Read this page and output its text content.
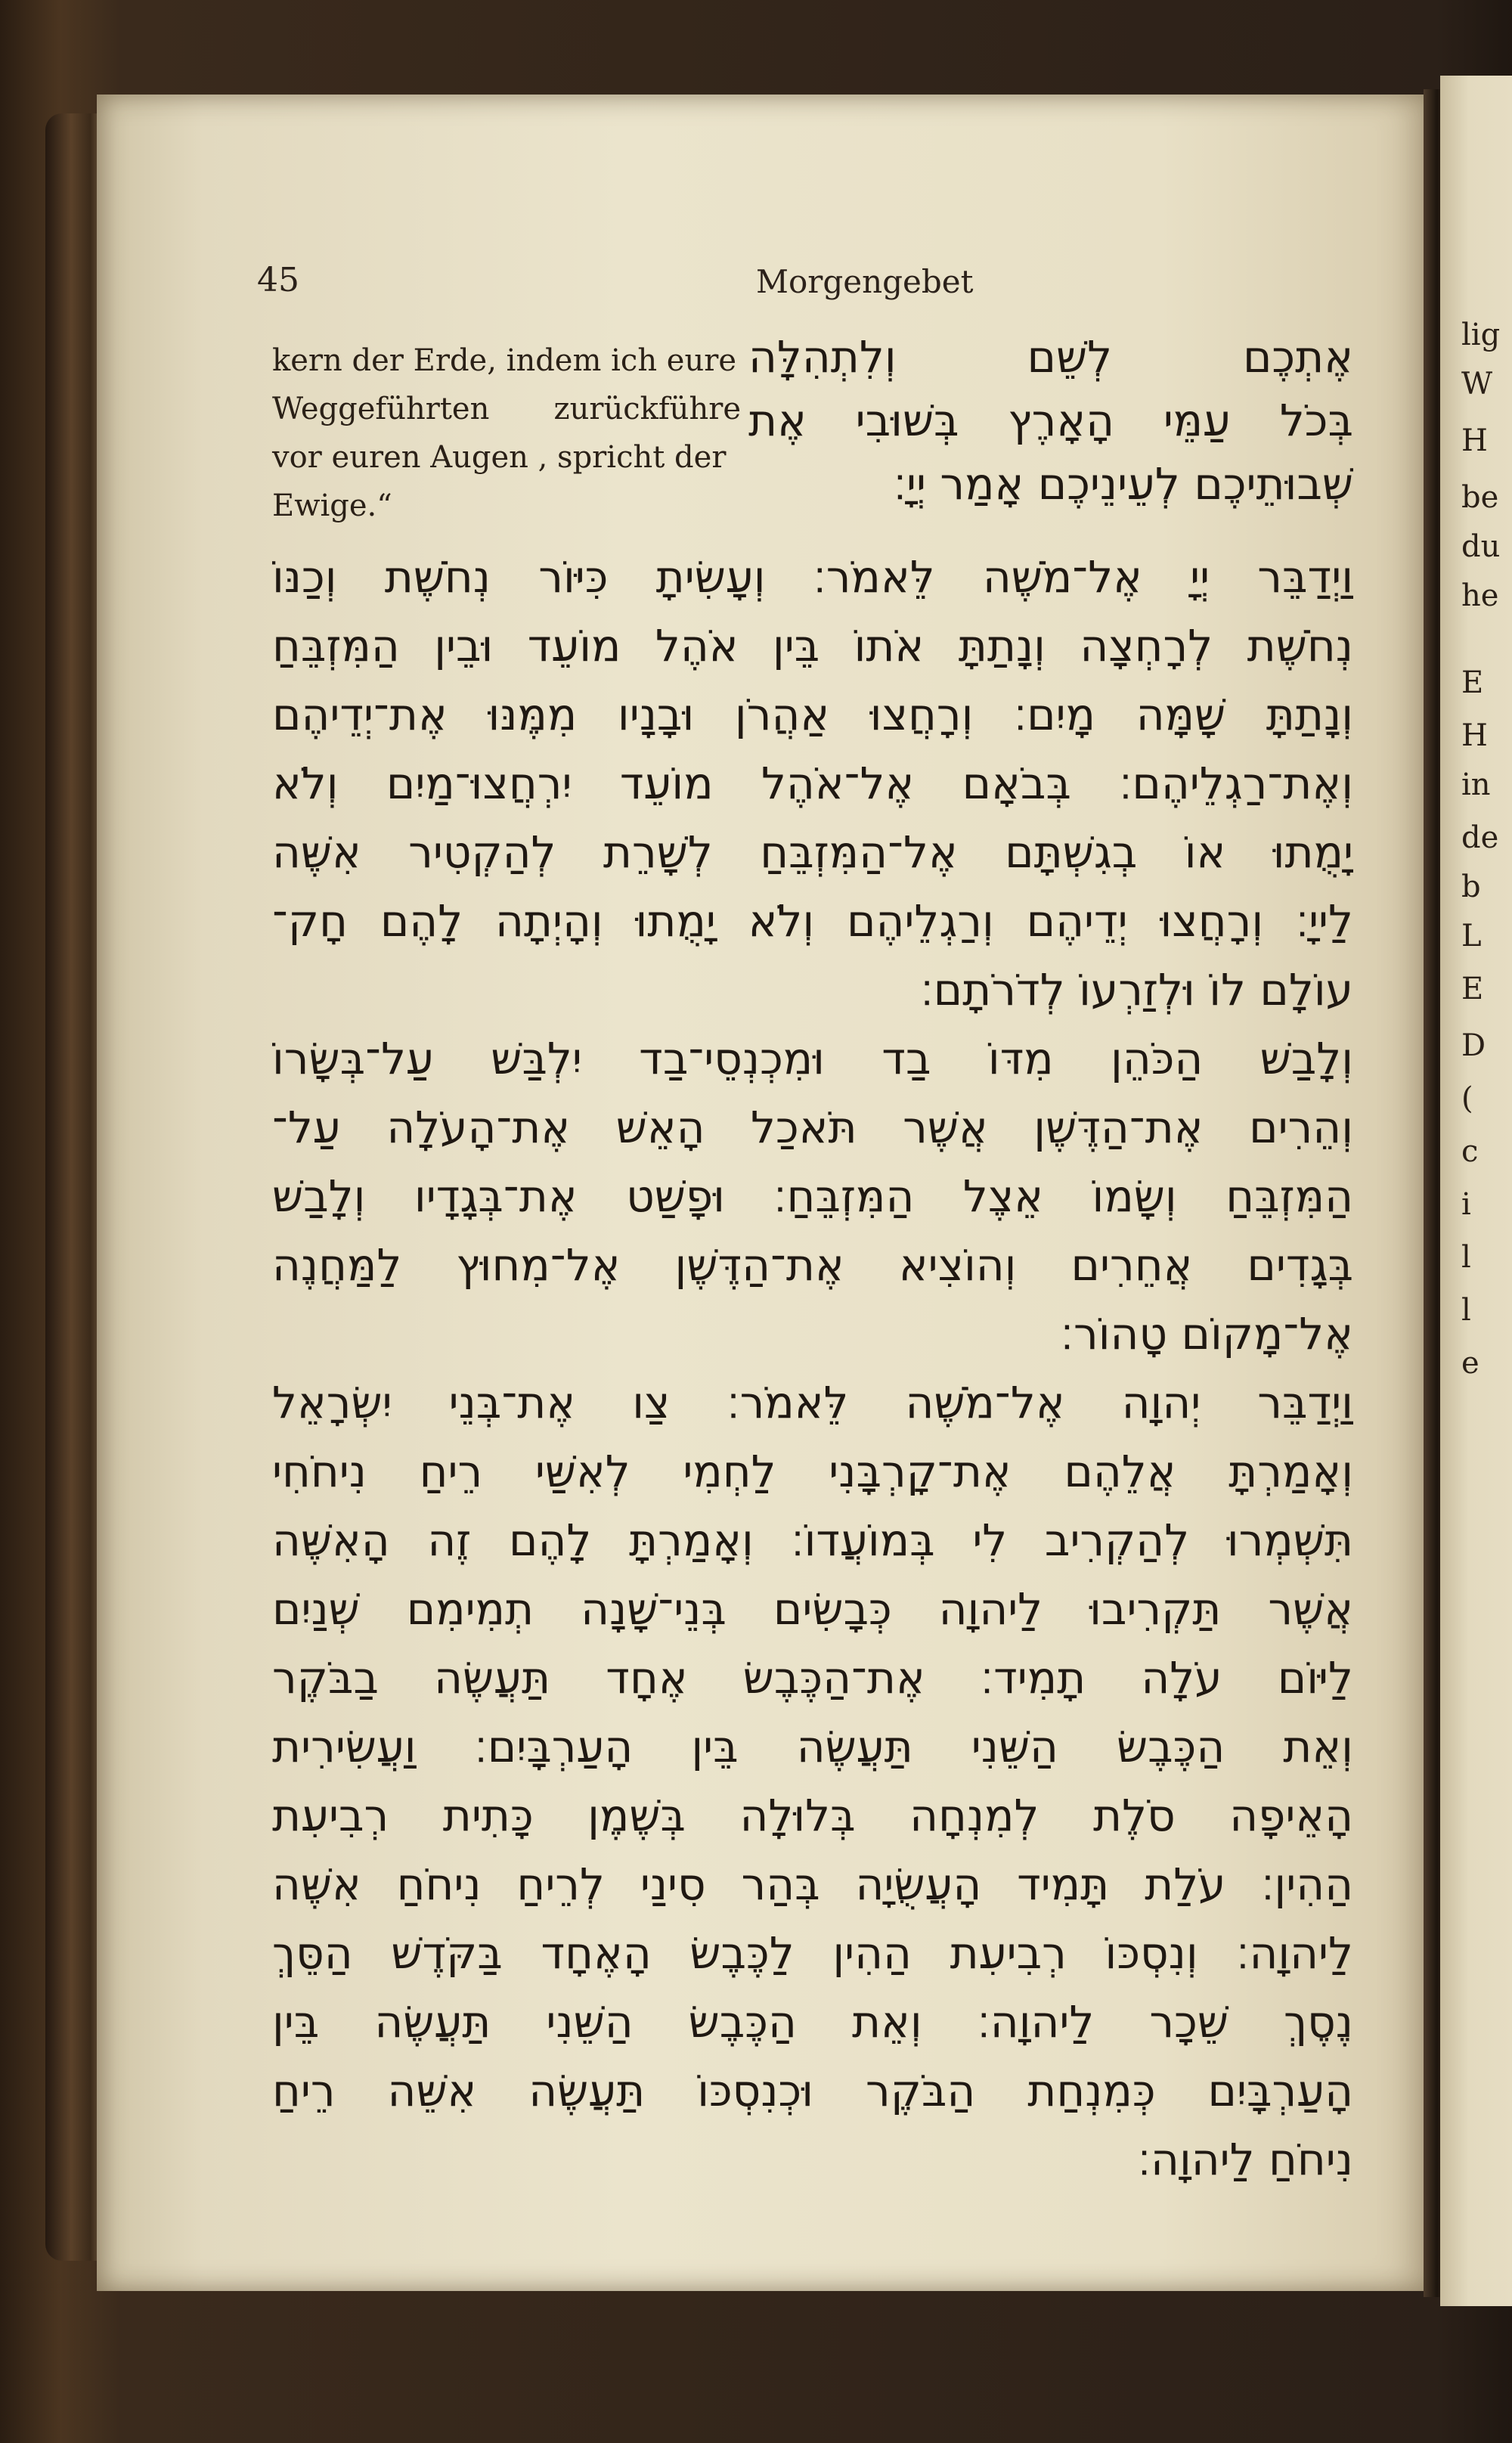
lig
W
H
be
du
he
E
H
in
de
b
L
E
D
(
c
i
l
l
e
45	Morgengebet
kern der Erde, indem ich eure
Weggeführten zurückführe
vor euren Augen , spricht der
Ewige.“
אֶתְכֶם לְשֵׁם וְלִתְהִלָּה
בְּכֹל עַמֵּי הָאָרֶץ בְּשׁוּבִי אֶת
שְׁבוּתֵיכֶם לְעֵינֵיכֶם אָמַר יְיָ׃
וַיְדַבֵּר יְיָ אֶל־מֹשֶׁה לֵּאמֹר׃ וְעָשִׂיתָ כִּיּוֹר נְחֹשֶׁת וְכַנּוֹ
נְחֹשֶׁת לְרָחְצָה וְנָתַתָּ אֹתוֹ בֵּין אֹהֶל מוֹעֵד וּבֵין הַמִּזְבֵּחַ
וְנָתַתָּ שָׁמָּה מָיִם׃ וְרָחֲצוּ אַהֲרֹן וּבָנָיו מִמֶּנּוּ אֶת־יְדֵיהֶם
וְאֶת־רַגְלֵיהֶם׃ בְּבֹאָם אֶל־אֹהֶל מוֹעֵד יִרְחֲצוּ־מַיִם וְלֹא
יָמֻתוּ אוֹ בְגִשְׁתָּם אֶל־הַמִּזְבֵּחַ לְשָׁרֵת לְהַקְטִיר אִשֶּׁה
לַייָ׃ וְרָחֲצוּ יְדֵיהֶם וְרַגְלֵיהֶם וְלֹא יָמֻתוּ וְהָיְתָה לָהֶם חָק־
עוֹלָם לוֹ וּלְזַרְעוֹ לְדֹרֹתָם׃
וְלָבַשׁ הַכֹּהֵן מִדּוֹ בַד וּמִכְנְסֵי־בַד יִלְבַּשׁ עַל־בְּשָׂרוֹ
וְהֵרִים אֶת־הַדֶּשֶׁן אֲשֶׁר תֹּאכַל הָאֵשׁ אֶת־הָעֹלָה עַל־
הַמִּזְבֵּחַ וְשָׂמוֹ אֵצֶל הַמִּזְבֵּחַ׃ וּפָשַׁט אֶת־בְּגָדָיו וְלָבַשׁ
בְּגָדִים אֲחֵרִים וְהוֹצִיא אֶת־הַדֶּשֶׁן אֶל־מִחוּץ לַמַּחֲנֶה
אֶל־מָקוֹם טָהוֹר׃
וַיְדַבֵּר יְהוָה אֶל־מֹשֶׁה לֵּאמֹר׃ צַו אֶת־בְּנֵי יִשְׂרָאֵל
וְאָמַרְתָּ אֲלֵהֶם אֶת־קָרְבָּנִי לַחְמִי לְאִשַּׁי רֵיחַ נִיחֹחִי
תִּשְׁמְרוּ לְהַקְרִיב לִי בְּמוֹעֲדוֹ׃ וְאָמַרְתָּ לָהֶם זֶה הָאִשֶּׁה
אֲשֶׁר תַּקְרִיבוּ לַיהוָה כְּבָשִׂים בְּנֵי־שָׁנָה תְמִימִם שְׁנַיִם
לַיּוֹם עֹלָה תָמִיד׃ אֶת־הַכֶּבֶשׂ אֶחָד תַּעֲשֶׂה בַבֹּקֶר
וְאֵת הַכֶּבֶשׂ הַשֵּׁנִי תַּעֲשֶׂה בֵּין הָעַרְבָּיִם׃ וַעֲשִׂירִית
הָאֵיפָה סֹלֶת לְמִנְחָה בְּלוּלָה בְּשֶׁמֶן כָּתִית רְבִיעִת
הַהִין׃ עֹלַת תָּמִיד הָעֲשֻׂיָה בְּהַר סִינַי לְרֵיחַ נִיחֹחַ אִשֶּׁה
לַיהוָה׃ וְנִסְכּוֹ רְבִיעִת הַהִין לַכֶּבֶשׂ הָאֶחָד בַּקֹּדֶשׁ הַסֵּךְ
נֶסֶךְ שֵׁכָר לַיהוָה׃ וְאֵת הַכֶּבֶשׂ הַשֵּׁנִי תַּעֲשֶׂה בֵּין
הָעַרְבָּיִם כְּמִנְחַת הַבֹּקֶר וּכְנִסְכּוֹ תַּעֲשֶׂה אִשֵּׁה רֵיחַ
נִיחֹחַ לַיהוָה׃
